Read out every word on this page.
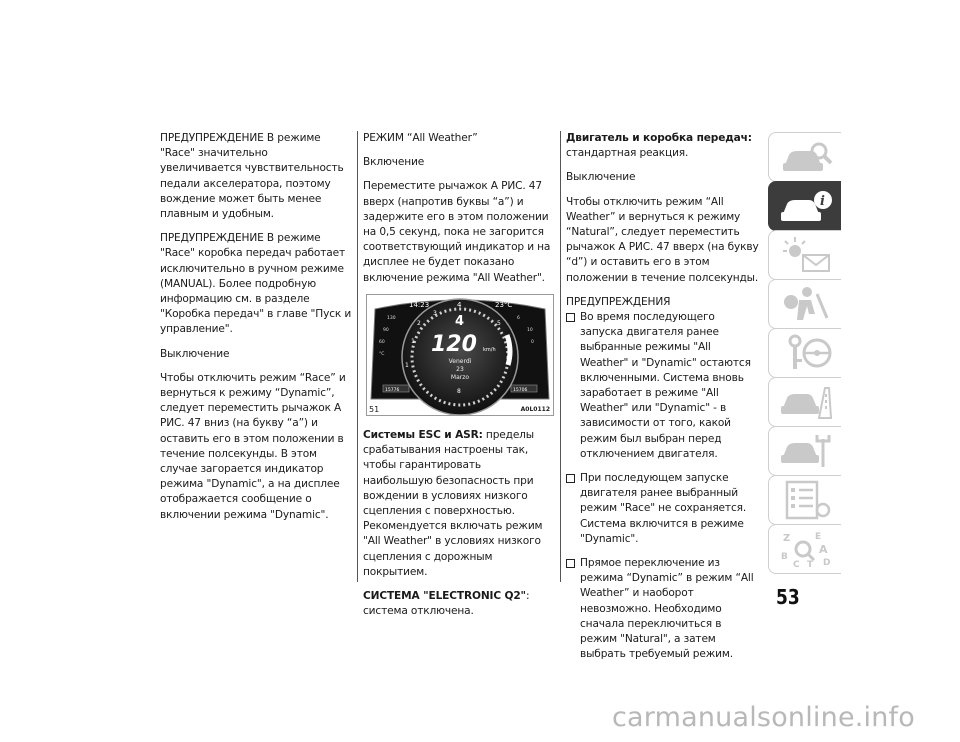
ПРЕДУПРЕЖДЕНИЕ В режиме "Race" значительно увеличивается чувствительность педали акселератора, поэтому вождение может быть менее плавным и удобным.

ПРЕДУПРЕЖДЕНИЕ В режиме "Race" коробка передач работает исключительно в ручном режиме (MANUAL). Более подробную информацию см. в разделе "Коробка передач" в главе "Пуск и управление".

Выключение

Чтобы отключить режим “Race” и вернуться к режиму “Dynamic”, следует переместить рычажок A РИС. 47 вниз (на букву “a”) и оставить его в этом положении в течение полсекунды. В этом случае загорается индикатор режима "Dynamic", а на дисплее отображается сообщение о включении режима "Dynamic".

РЕЖИМ “All Weather”

Включение

Переместите рычажок A РИС. 47 вверх (напротив буквы “a”) и задержите его в этом положении на 0,5 секунд, пока не загорится соответствующий индикатор и на дисплее не будет показано включение режима "All Weather".

14:23	23°C
4
130
90
60
°C
1
1
2
3
5
6
10
0
4
120 km/h
Venerdì
23
Marzo
8
15776	15706
51	A0L0112

Системы ESC и ASR: пределы срабатывания настроены так, чтобы гарантировать наибольшую безопасность при вождении в условиях низкого сцепления с поверхностью. Рекомендуется включать режим "All Weather" в условиях низкого сцепления с дорожным покрытием.

СИСТЕМА "ELECTRONIC Q2": система отключена.

Двигатель и коробка передач: стандартная реакция.

Выключение

Чтобы отключить режим “All Weather” и вернуться к режиму “Natural”, следует переместить рычажок A РИС. 47 вверх (на букву “d”) и оставить его в этом положении в течение полсекунды.

ПРЕДУПРЕЖДЕНИЯ

Во время последующего запуска двигателя ранее выбранные режимы "All Weather" и "Dynamic" остаются включенными. Система вновь заработает в режиме "All Weather" или "Dynamic" - в зависимости от того, какой режим был выбран перед отключением двигателя.
При последующем запуске двигателя ранее выбранный режим "Race" не сохраняется. Система включится в режиме "Dynamic".
Прямое переключение из режима “Dynamic” в режим “All Weather” и наоборот невозможно. Необходимо сначала переключиться в режим "Natural", а затем выбрать требуемый режим.
i
Z	E
A
B
C T D
53
carmanualsonline.info
